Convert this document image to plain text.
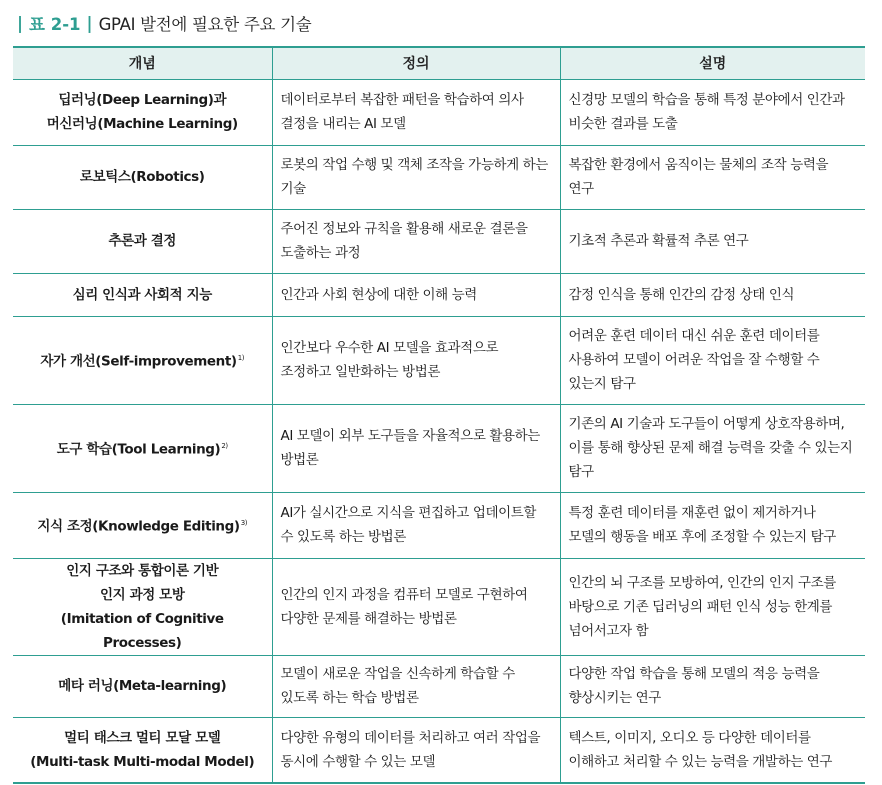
| 표 2-1 | GPAI 발전에 필요한 주요 기술
개념	정의	설명

딥러닝(Deep Learning)과
머신러닝(Machine Learning)	데이터로부터 복잡한 패턴을 학습하여 의사 결정을 내리는 AI 모델	신경망 모델의 학습을 통해 특정 분야에서 인간과 비슷한 결과를 도출

로보틱스(Robotics)	로봇의 작업 수행 및 객체 조작을 가능하게 하는 기술	복잡한 환경에서 움직이는 물체의 조작 능력을 연구

추론과 결정	주어진 정보와 규칙을 활용해 새로운 결론을 도출하는 과정	기초적 추론과 확률적 추론 연구

심리 인식과 사회적 지능	인간과 사회 현상에 대한 이해 능력	감정 인식을 통해 인간의 감정 상태 인식

자가 개선(Self-improvement)$^{1)}$	인간보다 우수한 AI 모델을 효과적으로 조정하고 일반화하는 방법론	어려운 훈련 데이터 대신 쉬운 훈련 데이터를 사용하여 모델이 어려운 작업을 잘 수행할 수 있는지 탐구

도구 학습(Tool Learning)$^{2)}$	AI 모델이 외부 도구들을 자율적으로 활용하는 방법론	기존의 AI 기술과 도구들이 어떻게 상호작용하며, 이를 통해 향상된 문제 해결 능력을 갖출 수 있는지 탐구

지식 조정(Knowledge Editing)$^{3)}$	AI가 실시간으로 지식을 편집하고 업데이트할 수 있도록 하는 방법론	특정 훈련 데이터를 재훈련 없이 제거하거나 모델의 행동을 배포 후에 조정할 수 있는지 탐구

인지 구조와 통합이론 기반
인지 과정 모방
(Imitation of Cognitive Processes)	인간의 인지 과정을 컴퓨터 모델로 구현하여 다양한 문제를 해결하는 방법론	인간의 뇌 구조를 모방하여, 인간의 인지 구조를 바탕으로 기존 딥러닝의 패턴 인식 성능 한계를 넘어서고자 함

메타 러닝(Meta-learning)	모델이 새로운 작업을 신속하게 학습할 수 있도록 하는 학습 방법론	다양한 작업 학습을 통해 모델의 적응 능력을 향상시키는 연구

멀티 태스크 멀티 모달 모델
(Multi-task Multi-modal Model)	다양한 유형의 데이터를 처리하고 여러 작업을 동시에 수행할 수 있는 모델	텍스트, 이미지, 오디오 등 다양한 데이터를 이해하고 처리할 수 있는 능력을 개발하는 연구
